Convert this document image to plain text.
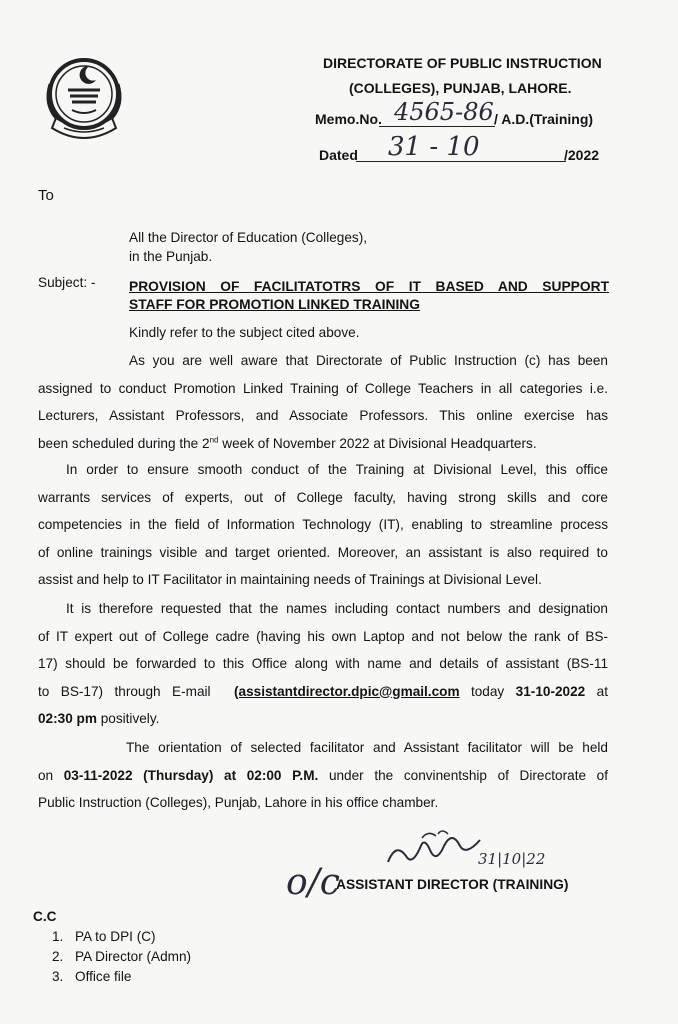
DIRECTORATE OF PUBLIC INSTRUCTION
(COLLEGES), PUNJAB, LAHORE.
Memo.No. 4565-86 / A.D.(Training)
Dated 31 - 10	/2022
To
All the Director of Education (Colleges),
in the Punjab.
Subject: - PROVISION OF FACILITATOTRS OF IT BASED AND SUPPORT
STAFF FOR PROMOTION LINKED TRAINING
Kindly refer to the subject cited above.
As you are well aware that Directorate of Public Instruction (c) has been
assigned to conduct Promotion Linked Training of College Teachers in all categories i.e.
Lecturers, Assistant Professors, and Associate Professors. This online exercise has
been scheduled during the 2nd week of November 2022 at Divisional Headquarters.
In order to ensure smooth conduct of the Training at Divisional Level, this office
warrants services of experts, out of College faculty, having strong skills and core
competencies in the field of Information Technology (IT), enabling to streamline process
of online trainings visible and target oriented. Moreover, an assistant is also required to
assist and help to IT Facilitator in maintaining needs of Trainings at Divisional Level.
It is therefore requested that the names including contact numbers and designation
of IT expert out of College cadre (having his own Laptop and not below the rank of BS-
17) should be forwarded to this Office along with name and details of assistant (BS-11
to BS-17) through E-mail (assistantdirector.dpic@gmail.com today 31-10-2022 at
02:30 pm positively.
The orientation of selected facilitator and Assistant facilitator will be held
on 03-11-2022 (Thursday) at 02:00 P.M. under the convinentship of Directorate of
Public Instruction (Colleges), Punjab, Lahore in his office chamber.
31|10|22
o/c
ASSISTANT DIRECTOR (TRAINING)
C.C
1. PA to DPI (C)
2. PA Director (Admn)
3. Office file
